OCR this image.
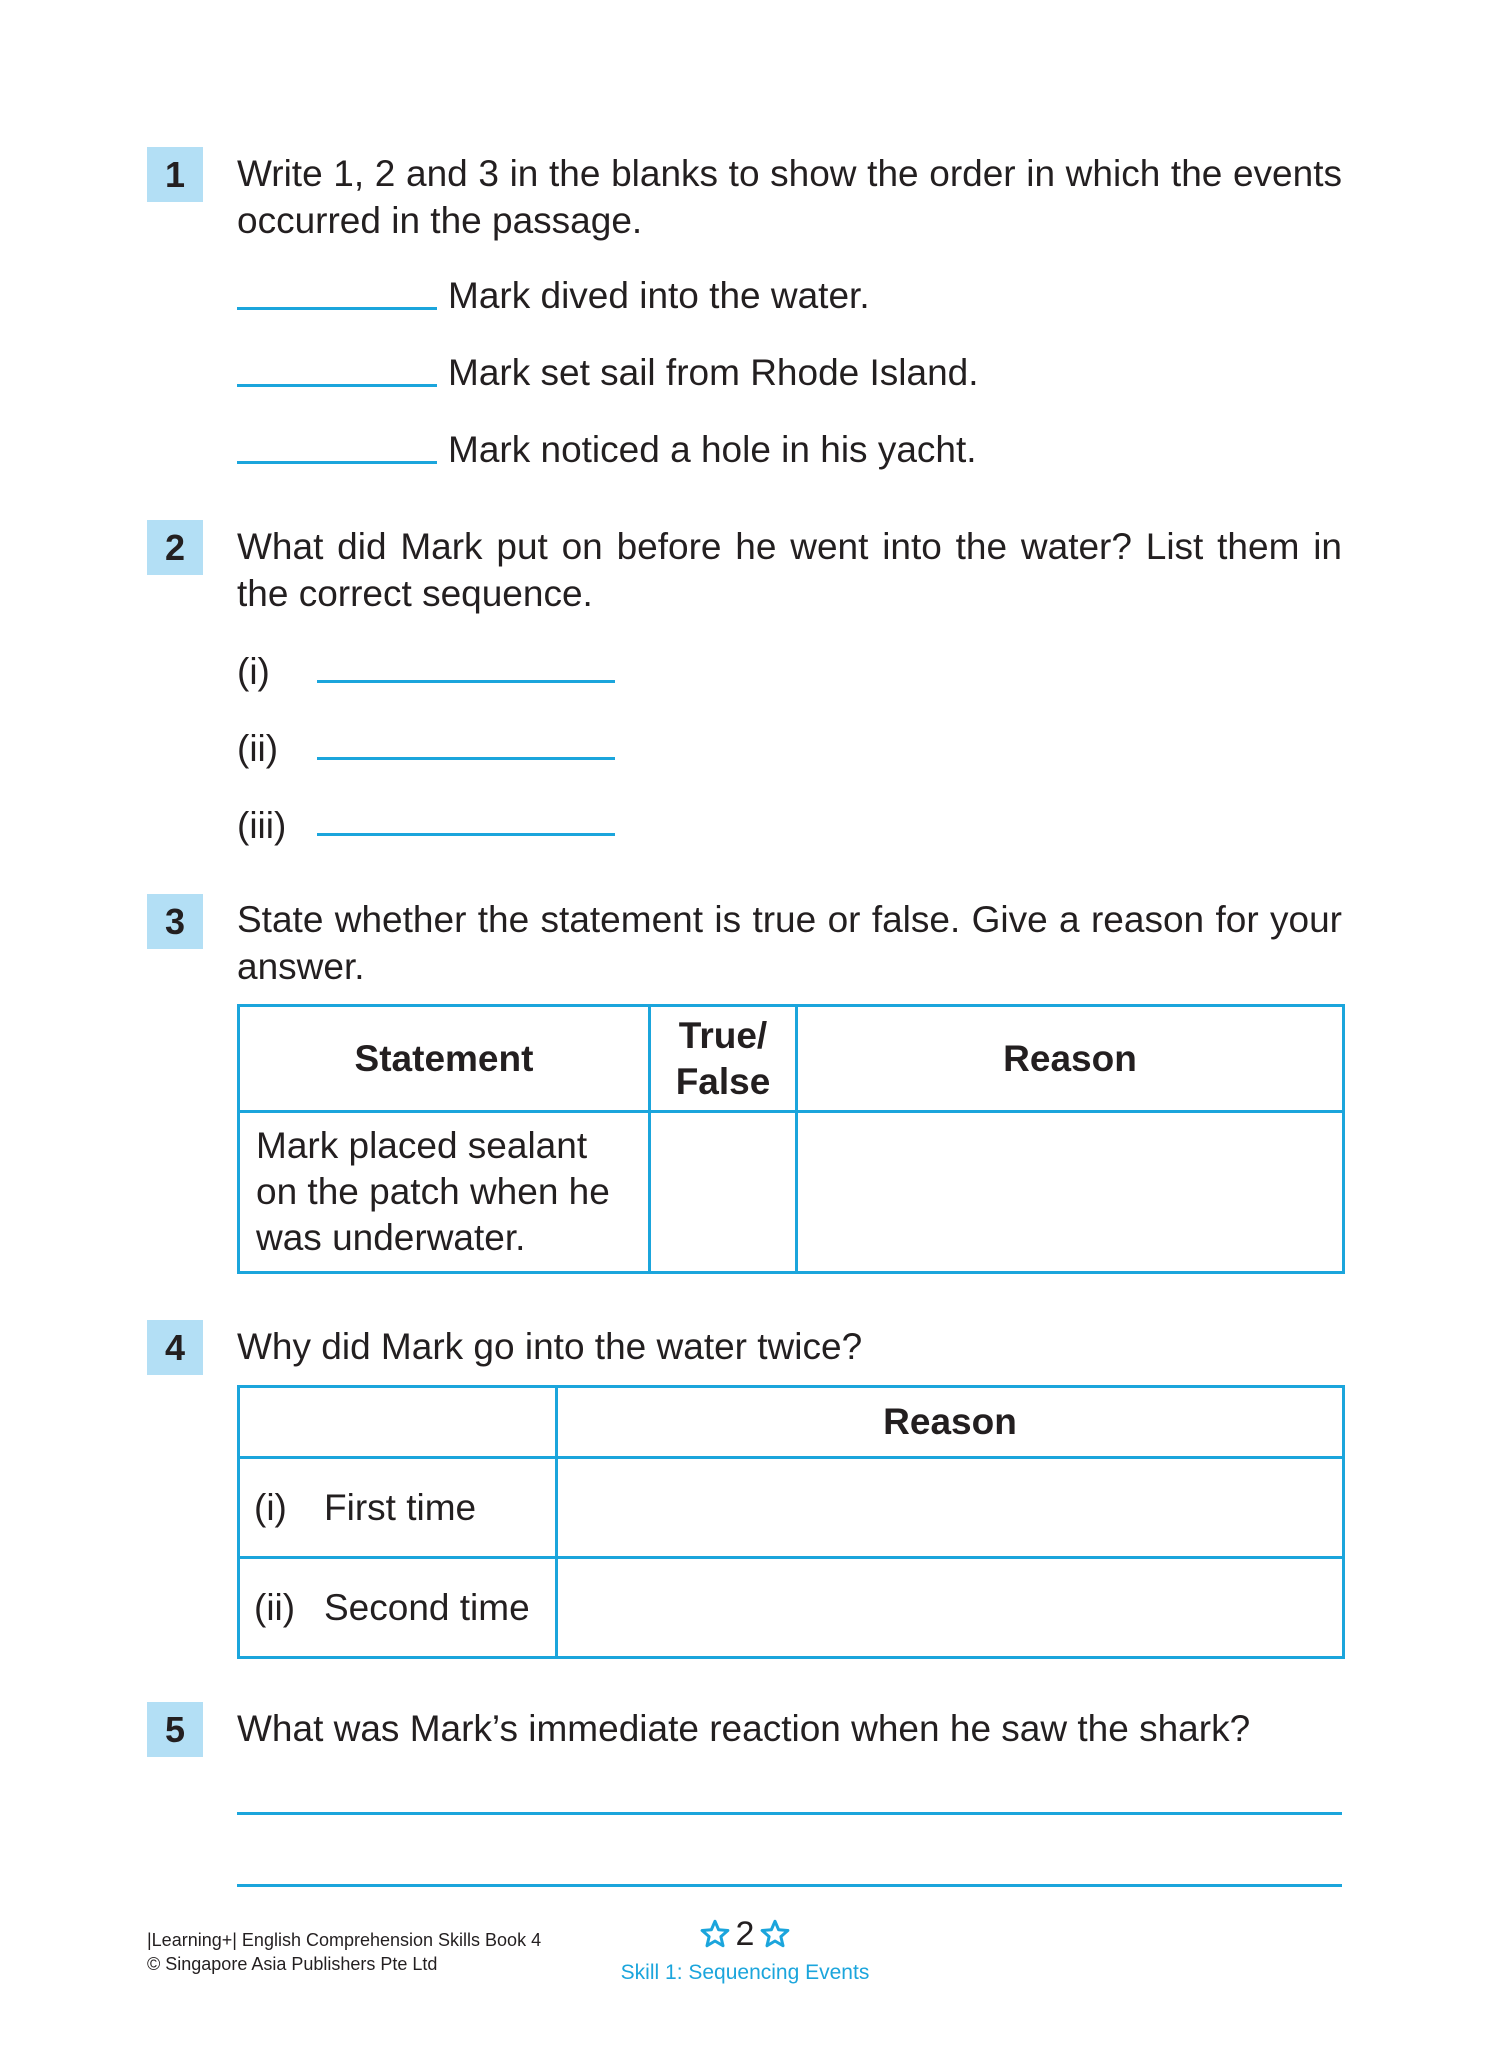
1	Write 1, 2 and 3 in the blanks to show the order in which the events occurred in the passage.
Mark dived into the water.
Mark set sail from Rhode Island.
Mark noticed a hole in his yacht.
2	What did Mark put on before he went into the water? List them in the correct sequence.
(i)
(ii)
(iii)
3	State whether the statement is true or false. Give a reason for your answer.
Statement	True/ False	Reason

Mark placed sealant on the patch when he was underwater.		

4	Why did Mark go into the water twice?
	Reason

(i) First time	

(ii) Second time	

5	What was Mark’s immediate reaction when he saw the shark?
|Learning+| English Comprehension Skills Book 4
© Singapore Asia Publishers Pte Ltd
2
Skill 1: Sequencing Events
